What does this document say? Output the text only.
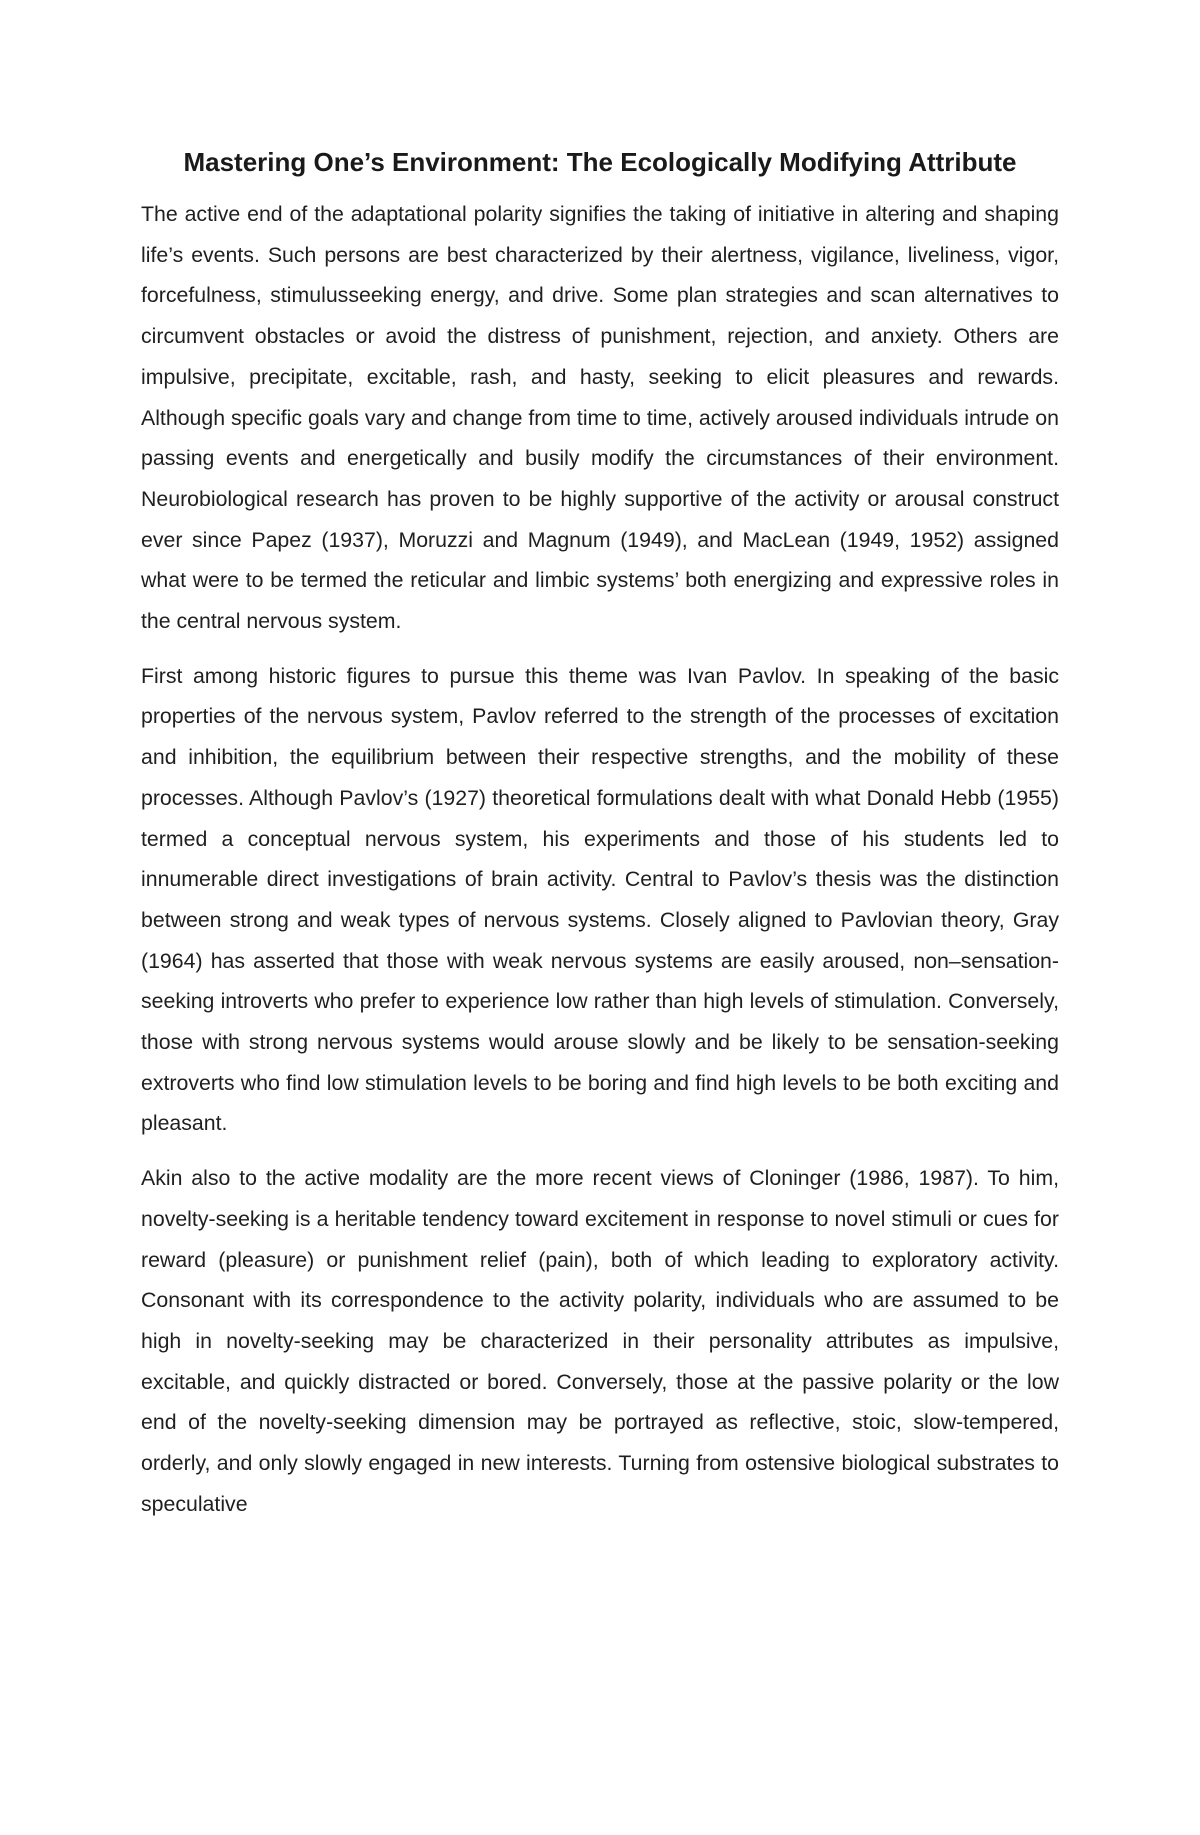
Mastering One’s Environment: The Ecologically Modifying Attribute

The active end of the adaptational polarity signifies the taking of initiative in altering and shaping life’s events. Such persons are best characterized by their alertness, vigilance, liveliness, vigor, forcefulness, stimulusseeking energy, and drive. Some plan strategies and scan alternatives to circumvent obstacles or avoid the distress of punishment, rejection, and anxiety. Others are impulsive, precipitate, excitable, rash, and hasty, seeking to elicit pleasures and rewards. Although specific goals vary and change from time to time, actively aroused individuals intrude on passing events and energetically and busily modify the circumstances of their environment. Neurobiological research has proven to be highly supportive of the activity or arousal construct ever since Papez (1937), Moruzzi and Magnum (1949), and MacLean (1949, 1952) assigned what were to be termed the reticular and limbic systems’ both energizing and expressive roles in the central nervous system.

First among historic figures to pursue this theme was Ivan Pavlov. In speaking of the basic properties of the nervous system, Pavlov referred to the strength of the processes of excitation and inhibition, the equilibrium between their respective strengths, and the mobility of these processes. Although Pavlov’s (1927) theoretical formulations dealt with what Donald Hebb (1955) termed a conceptual nervous system, his experiments and those of his students led to innumerable direct investigations of brain activity. Central to Pavlov’s thesis was the distinction between strong and weak types of nervous systems. Closely aligned to Pavlovian theory, Gray (1964) has asserted that those with weak nervous systems are easily aroused, non–sensation-seeking introverts who prefer to experience low rather than high levels of stimulation. Conversely, those with strong nervous systems would arouse slowly and be likely to be sensation-seeking extroverts who find low stimulation levels to be boring and find high levels to be both exciting and pleasant.

Akin also to the active modality are the more recent views of Cloninger (1986, 1987). To him, novelty-seeking is a heritable tendency toward excitement in response to novel stimuli or cues for reward (pleasure) or punishment relief (pain), both of which leading to exploratory activity. Consonant with its correspondence to the activity polarity, individuals who are assumed to be high in novelty-seeking may be characterized in their personality attributes as impulsive, excitable, and quickly distracted or bored. Conversely, those at the passive polarity or the low end of the novelty-seeking dimension may be portrayed as reflective, stoic, slow-tempered, orderly, and only slowly engaged in new interests. Turning from ostensive biological substrates to speculative
